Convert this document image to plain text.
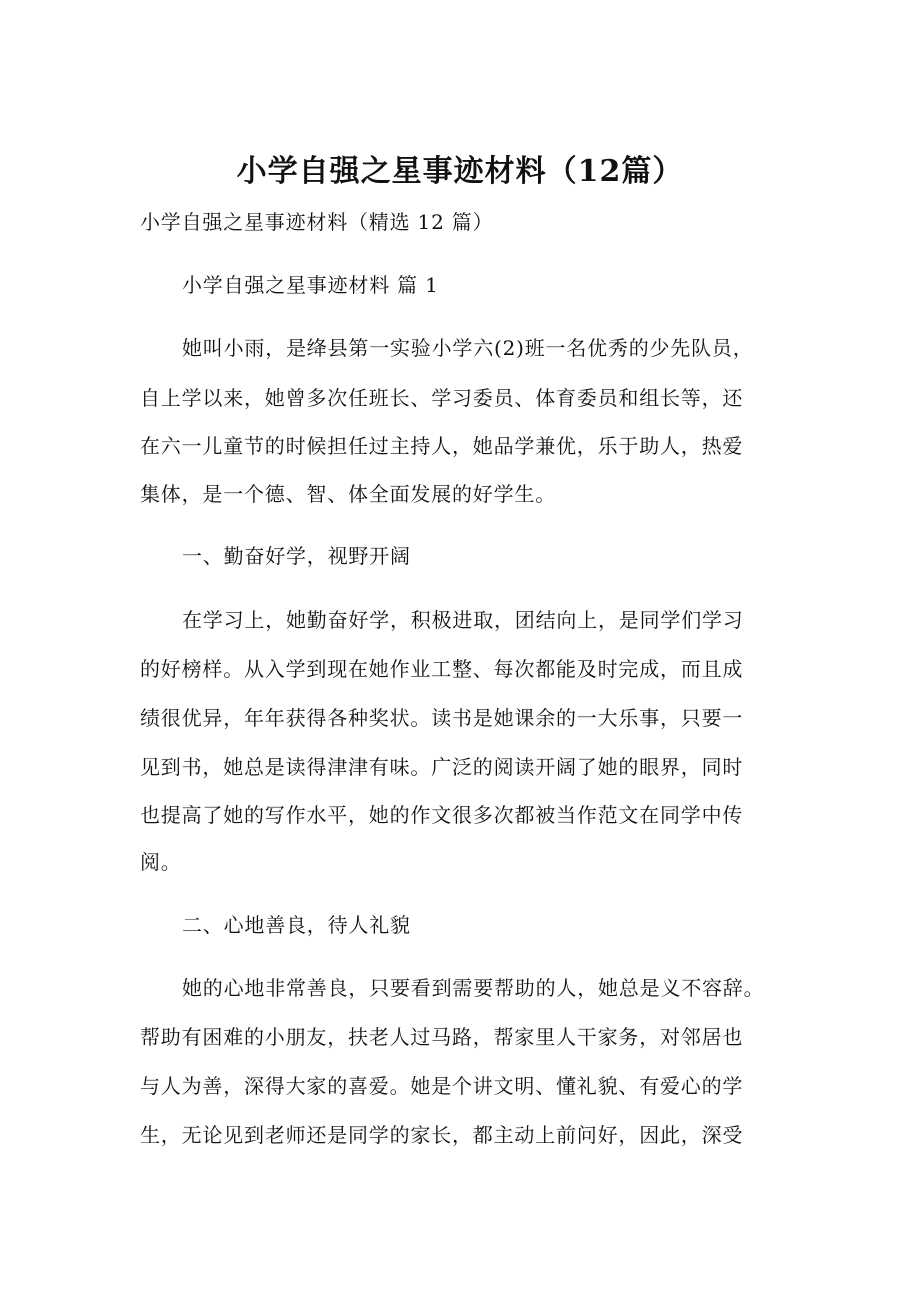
小学自强之星事迹材料（12篇）
小学自强之星事迹材料（精选 12 篇）
小学自强之星事迹材料 篇 1
她叫小雨，是绛县第一实验小学六(2)班一名优秀的少先队员，
自上学以来，她曾多次任班长、学习委员、体育委员和组长等，还
在六一儿童节的时候担任过主持人，她品学兼优，乐于助人，热爱
集体，是一个德、智、体全面发展的好学生。
一、勤奋好学，视野开阔
在学习上，她勤奋好学，积极进取，团结向上，是同学们学习
的好榜样。从入学到现在她作业工整、每次都能及时完成，而且成
绩很优异，年年获得各种奖状。读书是她课余的一大乐事，只要一
见到书，她总是读得津津有味。广泛的阅读开阔了她的眼界，同时
也提高了她的写作水平，她的作文很多次都被当作范文在同学中传
阅。
二、心地善良，待人礼貌
她的心地非常善良，只要看到需要帮助的人，她总是义不容辞。
帮助有困难的小朋友，扶老人过马路，帮家里人干家务，对邻居也
与人为善，深得大家的喜爱。她是个讲文明、懂礼貌、有爱心的学
生，无论见到老师还是同学的家长，都主动上前问好，因此，深受
